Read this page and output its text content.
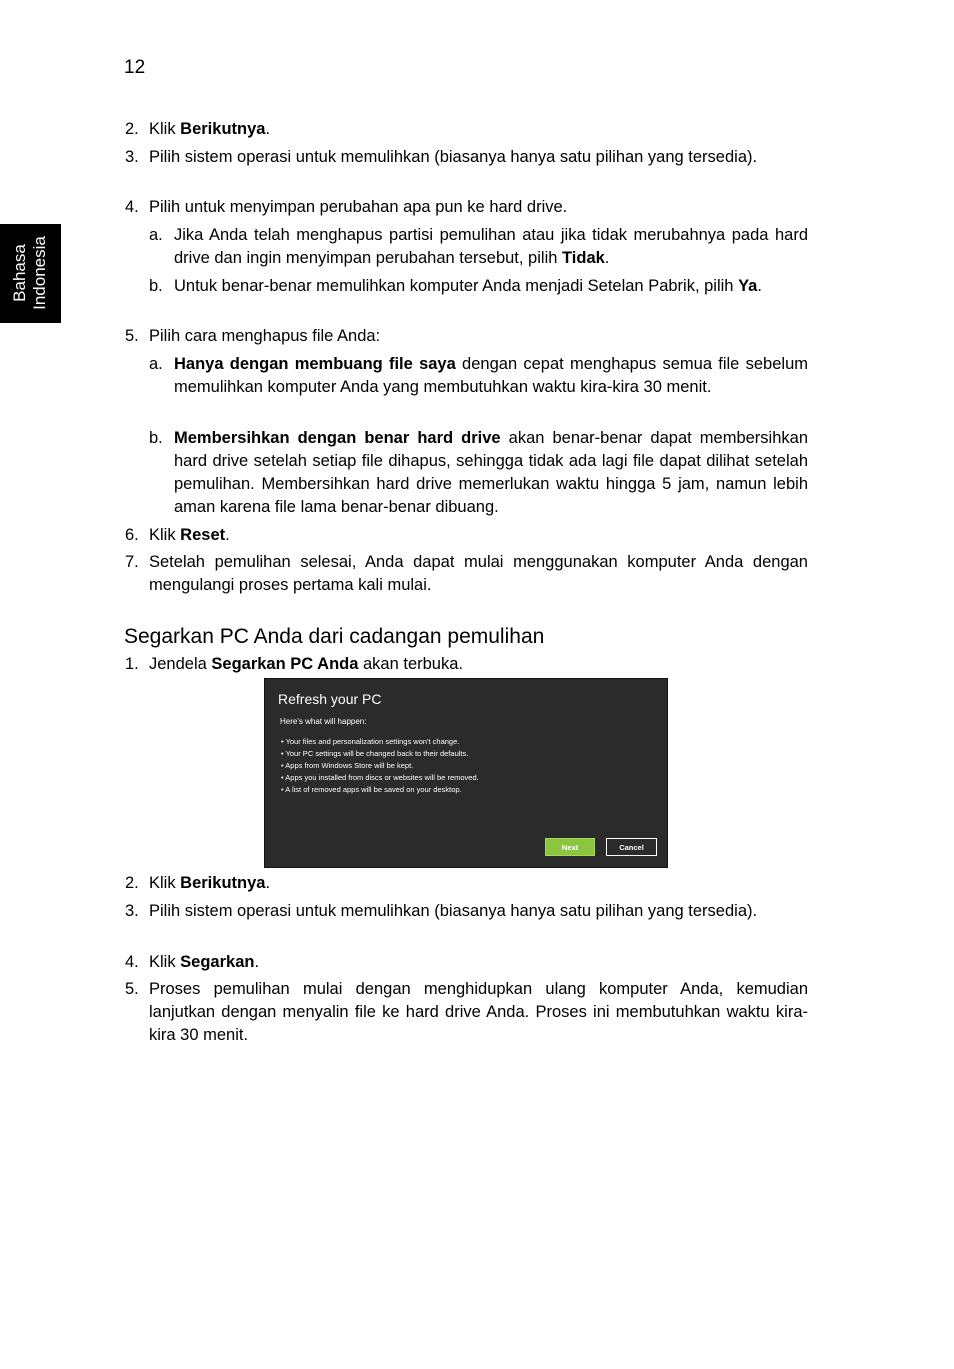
12
Bahasa Indonesia
2. Klik Berikutnya.
3. Pilih sistem operasi untuk memulihkan (biasanya hanya satu pilihan yang tersedia).
4. Pilih untuk menyimpan perubahan apa pun ke hard drive.
a. Jika Anda telah menghapus partisi pemulihan atau jika tidak merubahnya pada hard drive dan ingin menyimpan perubahan tersebut, pilih Tidak.
b. Untuk benar-benar memulihkan komputer Anda menjadi Setelan Pabrik, pilih Ya.
5. Pilih cara menghapus file Anda:
a. Hanya dengan membuang file saya dengan cepat menghapus semua file sebelum memulihkan komputer Anda yang membutuhkan waktu kira-kira 30 menit.
b. Membersihkan dengan benar hard drive akan benar-benar dapat membersihkan hard drive setelah setiap file dihapus, sehingga tidak ada lagi file dapat dilihat setelah pemulihan. Membersihkan hard drive memerlukan waktu hingga 5 jam, namun lebih aman karena file lama benar-benar dibuang.
6. Klik Reset.
7. Setelah pemulihan selesai, Anda dapat mulai menggunakan komputer Anda dengan mengulangi proses pertama kali mulai.
Segarkan PC Anda dari cadangan pemulihan
1. Jendela Segarkan PC Anda akan terbuka.
Refresh your PC
Here's what will happen:
• Your files and personalization settings won't change.
• Your PC settings will be changed back to their defaults.
• Apps from Windows Store will be kept.
• Apps you installed from discs or websites will be removed.
• A list of removed apps will be saved on your desktop.
Next	Cancel
2. Klik Berikutnya.
3. Pilih sistem operasi untuk memulihkan (biasanya hanya satu pilihan yang tersedia).
4. Klik Segarkan.
5. Proses pemulihan mulai dengan menghidupkan ulang komputer Anda, kemudian lanjutkan dengan menyalin file ke hard drive Anda. Proses ini membutuhkan waktu kira-kira 30 menit.
